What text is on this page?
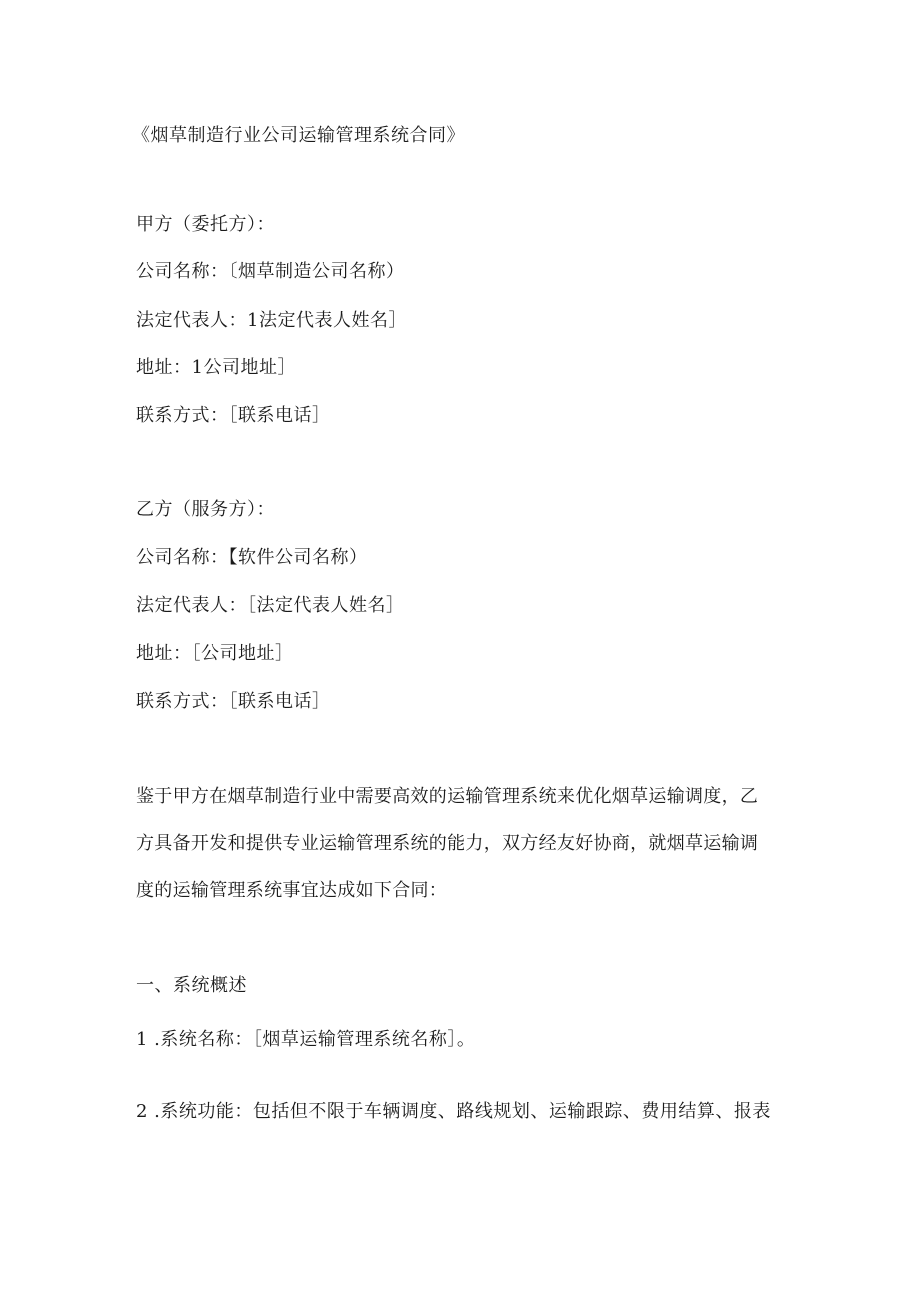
《烟草制造行业公司运输管理系统合同》
甲方（委托方）：
公司名称：〔烟草制造公司名称）
法定代表人：1法定代表人姓名］
地址：1公司地址］
联系方式：［联系电话］
乙方（服务方）：
公司名称：【软件公司名称）
法定代表人：［法定代表人姓名］
地址：［公司地址］
联系方式：［联系电话］
鉴于甲方在烟草制造行业中需要高效的运输管理系统来优化烟草运输调度，乙
方具备开发和提供专业运输管理系统的能力，双方经友好协商，就烟草运输调
度的运输管理系统事宜达成如下合同：
一、系统概述
1 .系统名称：［烟草运输管理系统名称］。
2 .系统功能：包括但不限于车辆调度、路线规划、运输跟踪、费用结算、报表
